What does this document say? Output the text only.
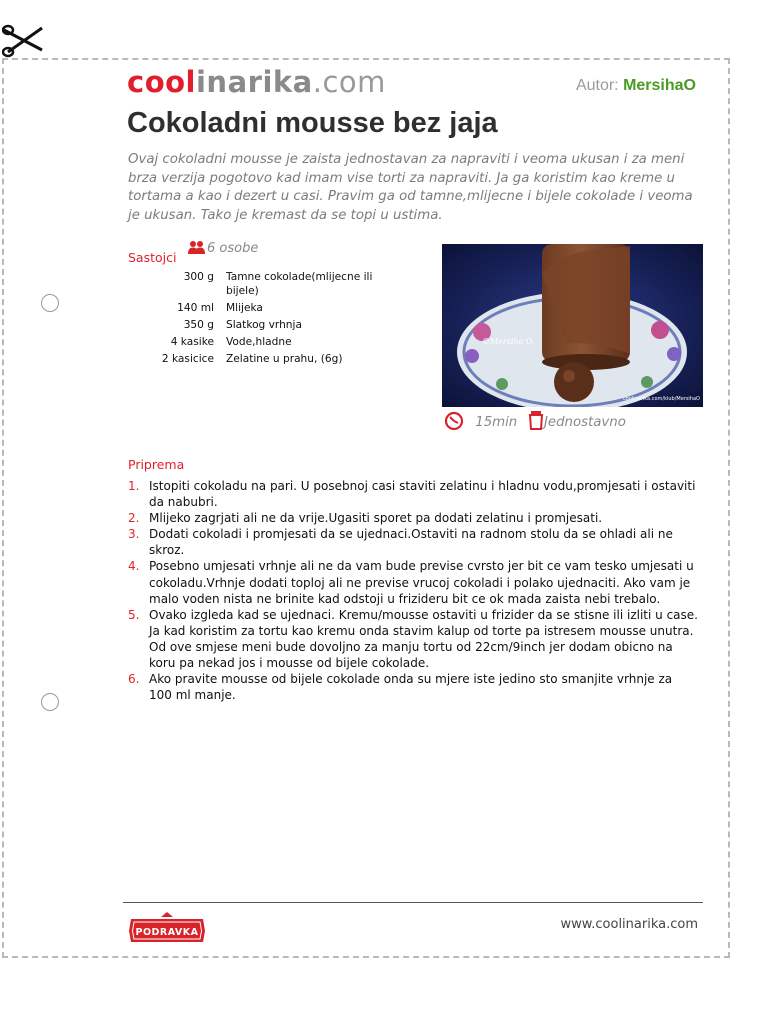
coolinarika.com	Autor: MersihaO
Cokoladni mousse bez jaja

Ovaj cokoladni mousse je zaista jednostavan za napraviti i veoma ukusan i za meni brza verzija pogotovo kad imam vise torti za napraviti. Ja ga koristim kao kreme u tortama a kao i dezert u casi. Pravim ga od tamne,mlijecne i bijele cokolade i veoma je ukusan. Tako je kremast da se topi u ustima.

Sastojci
6 osobe
300 g	Tamne cokolade(mlijecne ili bijele)
140 ml	Mlijeka
350 g	Slatkog vrhnja
4 kasike	Vode,hladne
2 kasicice	Zelatine u prahu, (6g)
©Mersiha O.
coolinarika.com/klub/MersihaO
15min	Jednostavno
Priprema
1. Istopiti cokoladu na pari. U posebnoj casi staviti zelatinu i hladnu vodu,promjesati i ostaviti da nabubri.
2. Mlijeko zagrjati ali ne da vrije.Ugasiti sporet pa dodati zelatinu i promjesati.
3. Dodati cokoladi i promjesati da se ujednaci.Ostaviti na radnom stolu da se ohladi ali ne skroz.
4. Posebno umjesati vrhnje ali ne da vam bude previse cvrsto jer bit ce vam tesko umjesati u cokoladu.Vrhnje dodati toploj ali ne previse vrucoj cokoladi i polako ujednaciti. Ako vam je malo voden nista ne brinite kad odstoji u frizideru bit ce ok mada zaista nebi trebalo.
5. Ovako izgleda kad se ujednaci. Kremu/mousse ostaviti u frizider da se stisne ili izliti u case. Ja kad koristim za tortu kao kremu onda stavim kalup od torte pa istresem mousse unutra. Od ove smjese meni bude dovoljno za manju tortu od 22cm/9inch jer dodam obicno na koru pa nekad jos i mousse od bijele cokolade.
6. Ako pravite mousse od bijele cokolade onda su mjere iste jedino sto smanjite vrhnje za 100 ml manje.
PODRAVKA
www.coolinarika.com
